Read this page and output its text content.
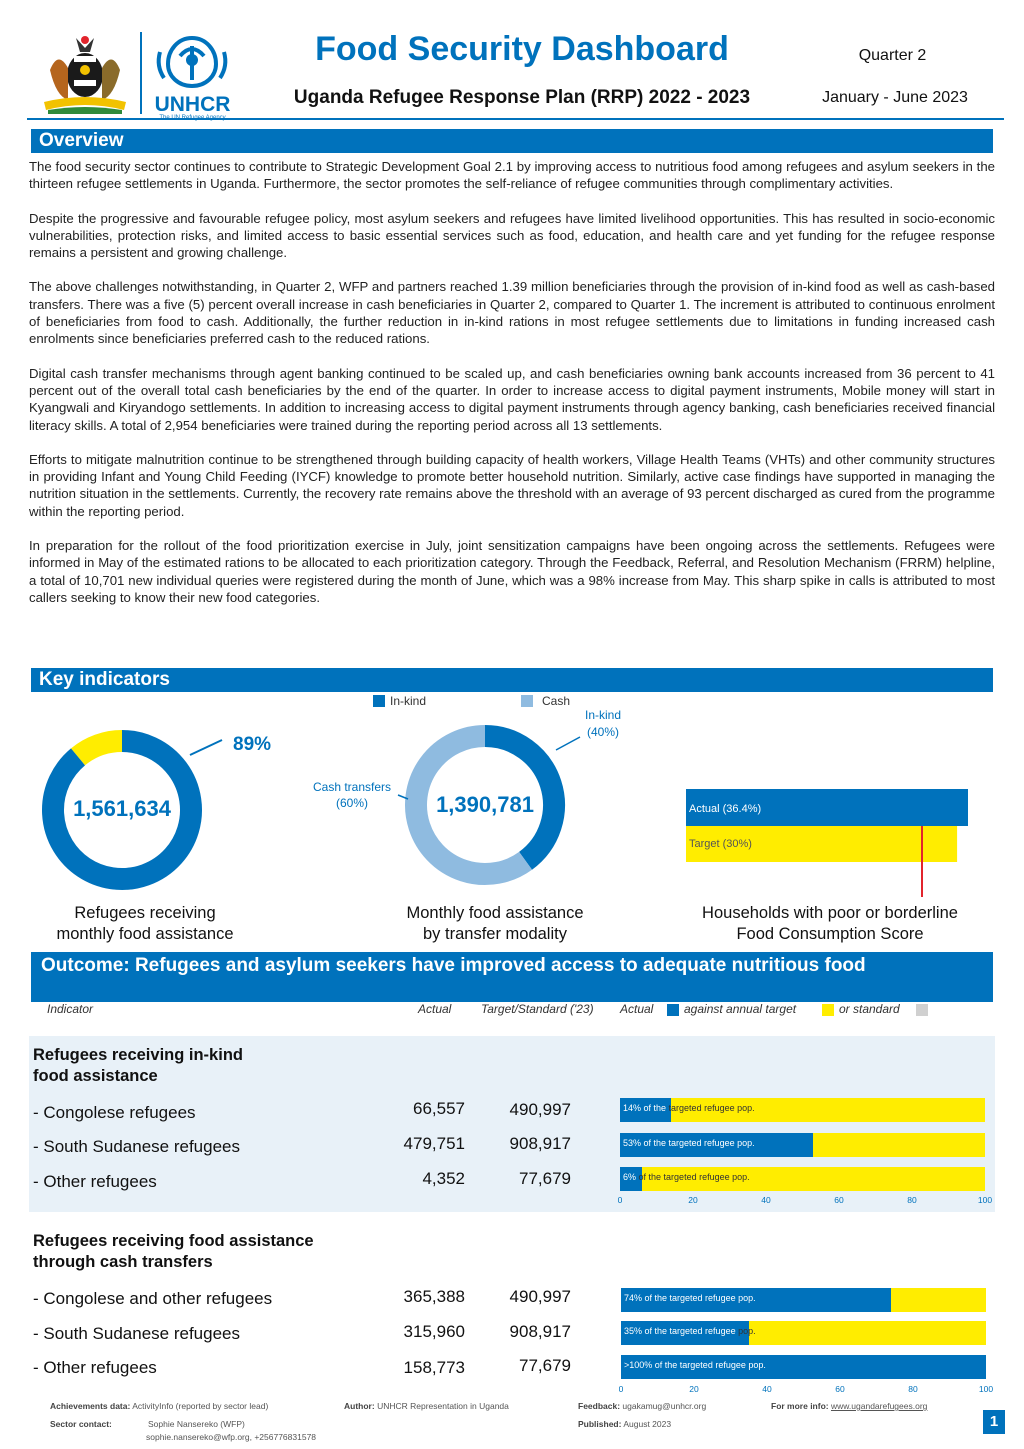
UNHCR
Food Security Dashboard
Uganda Refugee Response Plan (RRP) 2022 - 2023
Quarter 2
January - June 2023
Overview

The food security sector continues to contribute to Strategic Development Goal 2.1 by improving access to nutritious food among refugees and asylum seekers in the thirteen refugee settlements in Uganda. Furthermore, the sector promotes the self-reliance of refugee communities through complimentary activities.

Despite the progressive and favourable refugee policy, most asylum seekers and refugees have limited livelihood opportunities. This has resulted in socio-economic vulnerabilities, protection risks, and limited access to basic essential services such as food, education, and health care and yet funding for the refugee response remains a persistent and growing challenge.

The above challenges notwithstanding, in Quarter 2, WFP and partners reached 1.39 million beneficiaries through the provision of in-kind food as well as cash-based transfers. There was a five (5) percent overall increase in cash beneficiaries in Quarter 2, compared to Quarter 1. The increment is attributed to continuous enrolment of beneficiaries from food to cash. Additionally, the further reduction in in-kind rations in most refugee settlements due to limitations in funding increased cash enrolments since beneficiaries preferred cash to the reduced rations.

Digital cash transfer mechanisms through agent banking continued to be scaled up, and cash beneficiaries owning bank accounts increased from 36 percent to 41 percent out of the overall total cash beneficiaries by the end of the quarter. In order to increase access to digital payment instruments, Mobile money will start in Kyangwali and Kiryandogo settlements. In addition to increasing access to digital payment instruments through agency banking, cash beneficiaries received financial literacy skills. A total of 2,954 beneficiaries were trained during the reporting period across all 13 settlements.

Efforts to mitigate malnutrition continue to be strengthened through building capacity of health workers, Village Health Teams (VHTs) and other community structures in providing Infant and Young Child Feeding (IYCF) knowledge to promote better household nutrition. Similarly, active case findings have supported in managing the nutrition situation in the settlements. Currently, the recovery rate remains above the threshold with an average of 93 percent discharged as cured from the programme within the reporting period.

In preparation for the rollout of the food prioritization exercise in July, joint sensitization campaigns have been ongoing across the settlements. Refugees were informed in May of the estimated rations to be allocated to each prioritization category. Through the Feedback, Referral, and Resolution Mechanism (FRRM) helpline, a total of 10,701 new individual queries were registered during the month of June, which was a 98% increase from May. This sharp spike in calls is attributed to most callers seeking to know their new food categories.

Key indicators
In-kind	Cash
89%
1,561,634
In-kind
(40%)
Cash transfers
(60%)	1,390,781	Actual (36.4%)
Target (30%)
Refugees receiving
monthly food assistance
Monthly food assistance
by transfer modality
Households with poor or borderline
Food Consumption Score
Outcome: Refugees and asylum seekers have improved access to adequate nutritious food
Indicator	Actual Target/Standard ('23) Actual	against annual target	or standard
Refugees receiving in-kind
food assistance
- Congolese refugees	66,557	490,997	14% of the targeted refugee pop.
- South Sudanese refugees	479,751	908,917	53% of the targeted refugee pop.
- Other refugees	4,352	77,679	6% of the targeted refugee pop.
0	20	40	60	80	100
Refugees receiving food assistance
through cash transfers
- Congolese and other refugees	365,388	490,997	74% of the targeted refugee pop.
- South Sudanese refugees	315,960	908,917	35% of the targeted refugee pop.
- Other refugees	158,773	77,679	>100% of the targeted refugee pop.
0	20	40	60	80	100
Achievements data: ActivityInfo (reported by sector lead)	Author: UNHCR Representation in Uganda	Feedback: ugakamug@unhcr.org	For more info: www.ugandarefugees.org
Sector contact:	Sophie Nansereko (WFP)
sophie.nansereko@wfp.org, +256776831578
Published: August 2023	1
